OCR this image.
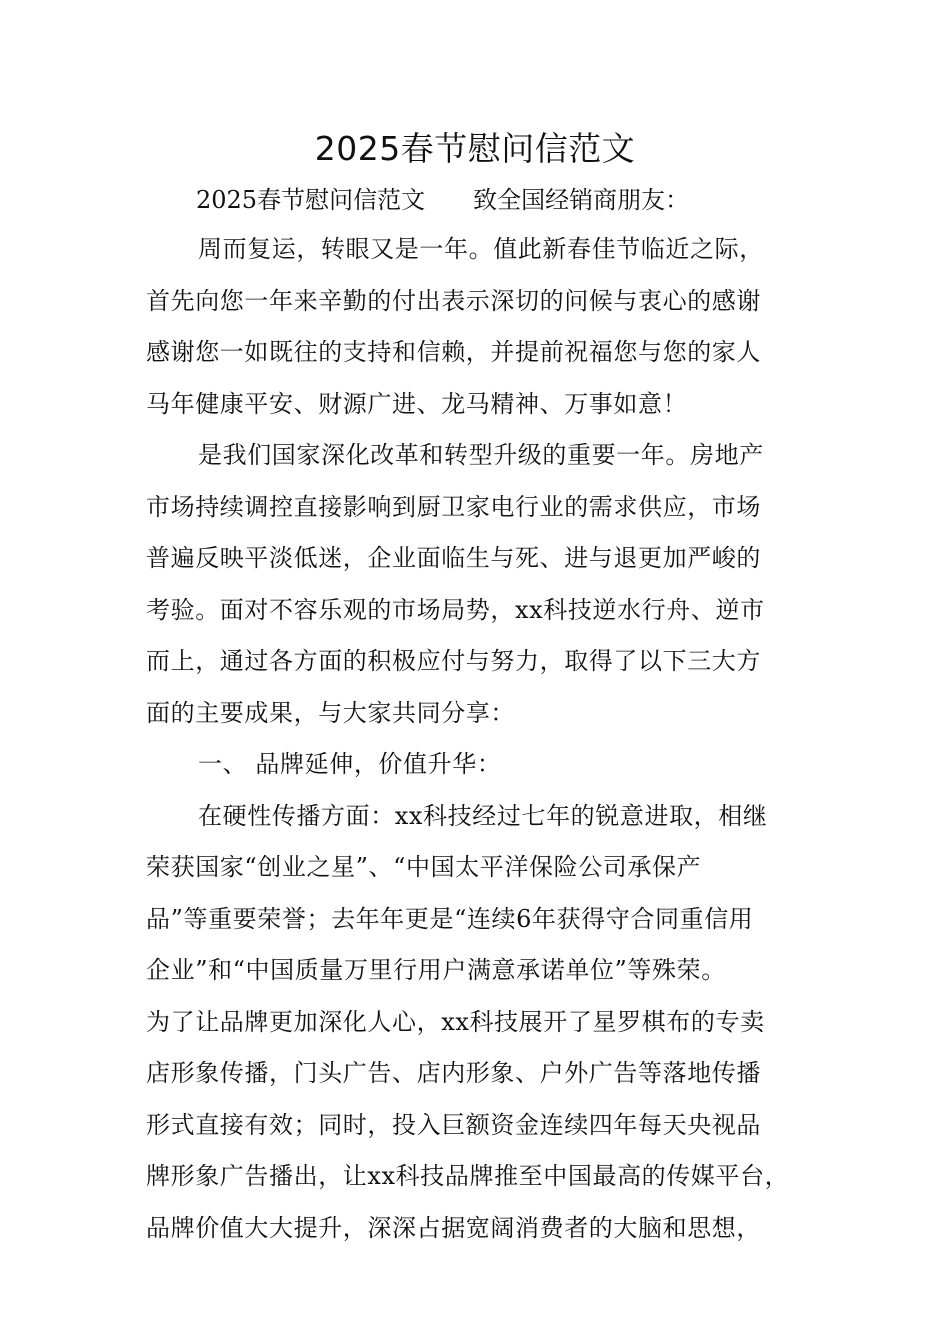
2025春节慰问信范文
2025春节慰问信范文 致全国经销商朋友：
周而复运，转眼又是一年。值此新春佳节临近之际，
首先向您一年来辛勤的付出表示深切的问候与衷心的感谢
感谢您一如既往的支持和信赖，并提前祝福您与您的家人
马年健康平安、财源广进、龙马精神、万事如意！
是我们国家深化改革和转型升级的重要一年。房地产
市场持续调控直接影响到厨卫家电行业的需求供应，市场
普遍反映平淡低迷，企业面临生与死、进与退更加严峻的
考验。面对不容乐观的市场局势，xx科技逆水行舟、逆市
而上，通过各方面的积极应付与努力，取得了以下三大方
面的主要成果，与大家共同分享：
一、 品牌延伸，价值升华：
在硬性传播方面：xx科技经过七年的锐意进取，相继
荣获国家“创业之星”、“中国太平洋保险公司承保产
品”等重要荣誉；去年年更是“连续6年获得守合同重信用
企业”和“中国质量万里行用户满意承诺单位”等殊荣。
为了让品牌更加深化人心，xx科技展开了星罗棋布的专卖
店形象传播，门头广告、店内形象、户外广告等落地传播
形式直接有效；同时，投入巨额资金连续四年每天央视品
牌形象广告播出，让xx科技品牌推至中国最高的传媒平台，
品牌价值大大提升，深深占据宽阔消费者的大脑和思想，
